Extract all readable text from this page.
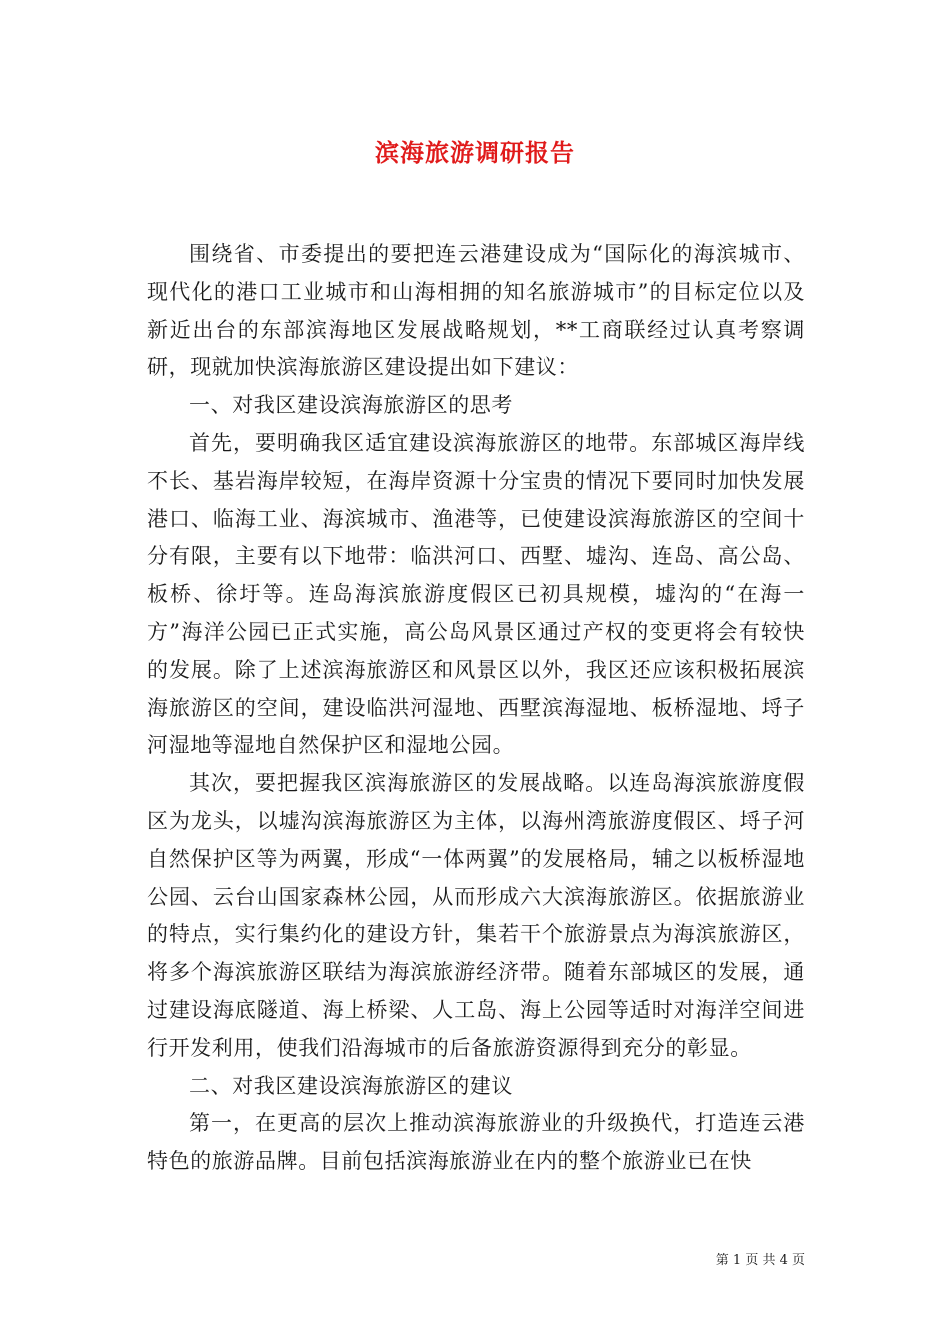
滨海旅游调研报告

围绕省、市委提出的要把连云港建设成为“国际化的海滨城市、现代化的港口工业城市和山海相拥的知名旅游城市”的目标定位以及新近出台的东部滨海地区发展战略规划，**工商联经过认真考察调研，现就加快滨海旅游区建设提出如下建议：

一、对我区建设滨海旅游区的思考

首先，要明确我区适宜建设滨海旅游区的地带。东部城区海岸线不长、基岩海岸较短，在海岸资源十分宝贵的情况下要同时加快发展港口、临海工业、海滨城市、渔港等，已使建设滨海旅游区的空间十分有限，主要有以下地带：临洪河口、西墅、墟沟、连岛、高公岛、板桥、徐圩等。连岛海滨旅游度假区已初具规模，墟沟的“在海一方”海洋公园已正式实施，高公岛风景区通过产权的变更将会有较快的发展。除了上述滨海旅游区和风景区以外，我区还应该积极拓展滨海旅游区的空间，建设临洪河湿地、西墅滨海湿地、板桥湿地、埒子河湿地等湿地自然保护区和湿地公园。

其次，要把握我区滨海旅游区的发展战略。以连岛海滨旅游度假区为龙头，以墟沟滨海旅游区为主体，以海州湾旅游度假区、埒子河自然保护区等为两翼，形成“一体两翼”的发展格局，辅之以板桥湿地公园、云台山国家森林公园，从而形成六大滨海旅游区。依据旅游业的特点，实行集约化的建设方针，集若干个旅游景点为海滨旅游区，将多个海滨旅游区联结为海滨旅游经济带。随着东部城区的发展，通过建设海底隧道、海上桥梁、人工岛、海上公园等适时对海洋空间进行开发利用，使我们沿海城市的后备旅游资源得到充分的彰显。

二、对我区建设滨海旅游区的建议

第一，在更高的层次上推动滨海旅游业的升级换代，打造连云港特色的旅游品牌。目前包括滨海旅游业在内的整个旅游业已在快

第 1 页 共 4 页
